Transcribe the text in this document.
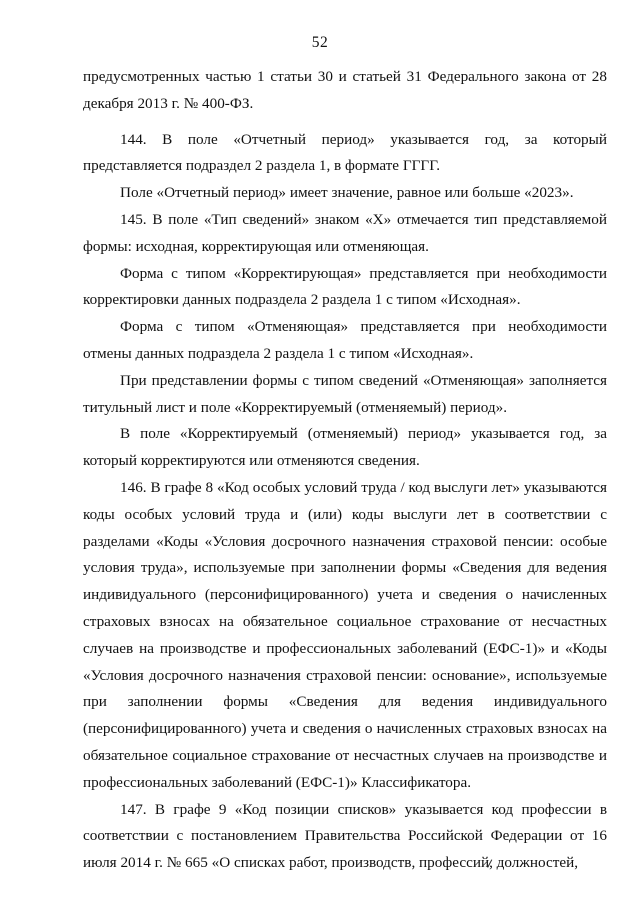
52

предусмотренных частью 1 статьи 30 и статьей 31 Федерального закона от 28 декабря 2013 г. № 400-ФЗ.

144. В поле «Отчетный период» указывается год, за который представляется подраздел 2 раздела 1, в формате ГГГГ.

Поле «Отчетный период» имеет значение, равное или больше «2023».

145. В поле «Тип сведений» знаком «Х» отмечается тип представляемой формы: исходная, корректирующая или отменяющая.

Форма с типом «Корректирующая» представляется при необходимости корректировки данных подраздела 2 раздела 1 с типом «Исходная».

Форма с типом «Отменяющая» представляется при необходимости отмены данных подраздела 2 раздела 1 с типом «Исходная».

При представлении формы с типом сведений «Отменяющая» заполняется титульный лист и поле «Корректируемый (отменяемый) период».

В поле «Корректируемый (отменяемый) период» указывается год, за который корректируются или отменяются сведения.

146. В графе 8 «Код особых условий труда / код выслуги лет» указываются коды особых условий труда и (или) коды выслуги лет в соответствии с разделами «Коды «Условия досрочного назначения страховой пенсии: особые условия труда», используемые при заполнении формы «Сведения для ведения индивидуального (персонифицированного) учета и сведения о начисленных страховых взносах на обязательное социальное страхование от несчастных случаев на производстве и профессиональных заболеваний (ЕФС-1)» и «Коды «Условия досрочного назначения страховой пенсии: основание», используемые при заполнении формы «Сведения для ведения индивидуального (персонифицированного) учета и сведения о начисленных страховых взносах на обязательное социальное страхование от несчастных случаев на производстве и профессиональных заболеваний (ЕФС-1)» Классификатора.

147. В графе 9 «Код позиции списков» указывается код профессии в соответствии с постановлением Правительства Российской Федерации от 16 июля 2014 г. № 665 «О списках работ, производств, профессий, должностей,
